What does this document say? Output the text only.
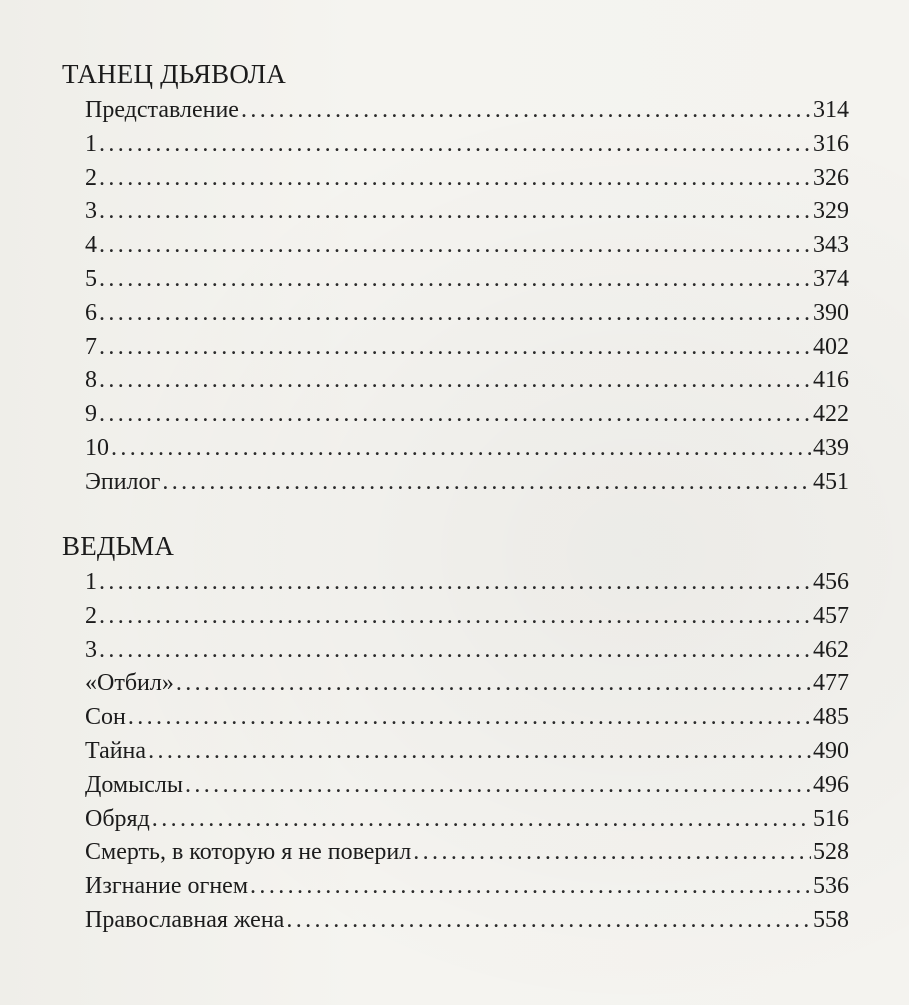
ТАНЕЦ ДЬЯВОЛА
Представление .....	314
1 .....	316
2 .....	326
3 .....	329
4 .....	343
5 .....	374
6 .....	390
7 .....	402
8 .....	416
9 .....	422
10 .....	439
Эпилог .....	451
ВЕДЬМА
1 .....	456
2 .....	457
3 .....	462
«Отбил» .....	477
Сон .....	485
Тайна .....	490
Домыслы .....	496
Обряд .....	516
Смерть, в которую я не поверил .....	528
Изгнание огнем .....	536
Православная жена .....	558
